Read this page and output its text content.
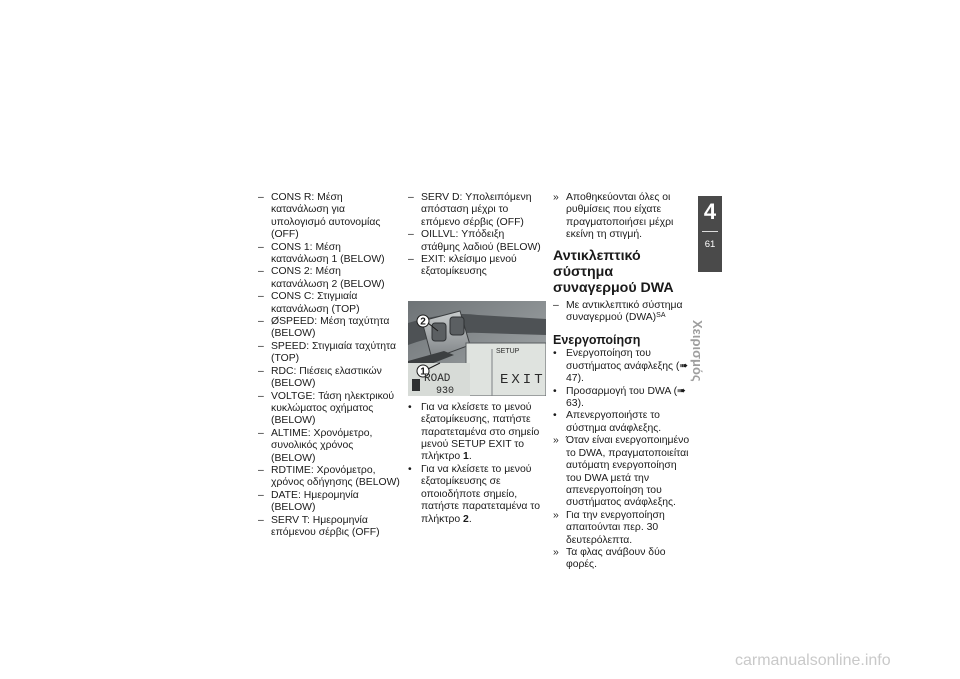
– CONS R: Μέση κατανάλωση για υπολογισμό αυτονομίας (OFF)

– CONS 1: Μέση κατανάλωση 1 (BELOW)

– CONS 2: Μέση κατανάλωση 2 (BELOW)

– CONS C: Στιγμιαία κατανάλωση (TOP)

– ØSPEED: Μέση ταχύτητα (BELOW)

– SPEED: Στιγμιαία ταχύτητα (TOP)

– RDC: Πιέσεις ελαστικών (BELOW)

– VOLTGE: Τάση ηλεκτρικού κυκλώματος οχήματος (BELOW)

– ALTIME: Χρονόμετρο, συνολικός χρόνος (BELOW)

– RDTIME: Χρονόμετρο, χρόνος οδήγησης (BELOW)

– DATE: Ημερομηνία (BELOW)

– SERV T: Ημερομηνία επόμενου σέρβις (OFF)

– SERV D: Υπολειπόμενη απόσταση μέχρι το επόμενο σέρβις (OFF)

– OILLVL: Υπόδειξη στάθμης λαδιού (BELOW)

– EXIT: κλείσιμο μενού εξατομίκευσης

2
1
SETUP
ROAD
930
EXIT

• Για να κλείσετε το μενού εξατομίκευσης, πατήστε παρατεταμένα στο σημείο μενού SETUP EXIT το πλήκτρο 1.

• Για να κλείσετε το μενού εξατομίκευσης σε οποιοδήποτε σημείο, πατήστε παρατεταμένα το πλήκτρο 2.

» Αποθηκεύονται όλες οι ρυθμίσεις που είχατε πραγματοποιήσει μέχρι εκείνη τη στιγμή.

Αντικλεπτικό σύστημα συναγερμού DWA

– Με αντικλεπτικό σύστημα συναγερμού (DWA)$^{SA}$

Ενεργοποίηση

• Ενεργοποίηση του συστήματος ανάφλεξης (➠ 47).

• Προσαρμογή του DWA (➠ 63).

• Απενεργοποιήστε το σύστημα ανάφλεξης.

» Όταν είναι ενεργοποιημένο το DWA, πραγματοποιείται αυτόματη ενεργοποίηση του DWA μετά την απενεργοποίηση του συστήματος ανάφλεξης.

» Για την ενεργοποίηση απαιτούνται περ. 30 δευτερόλεπτα.

» Τα φλας ανάβουν δύο φορές.

4
61
Χειρισμός
carmanualsonline.info
